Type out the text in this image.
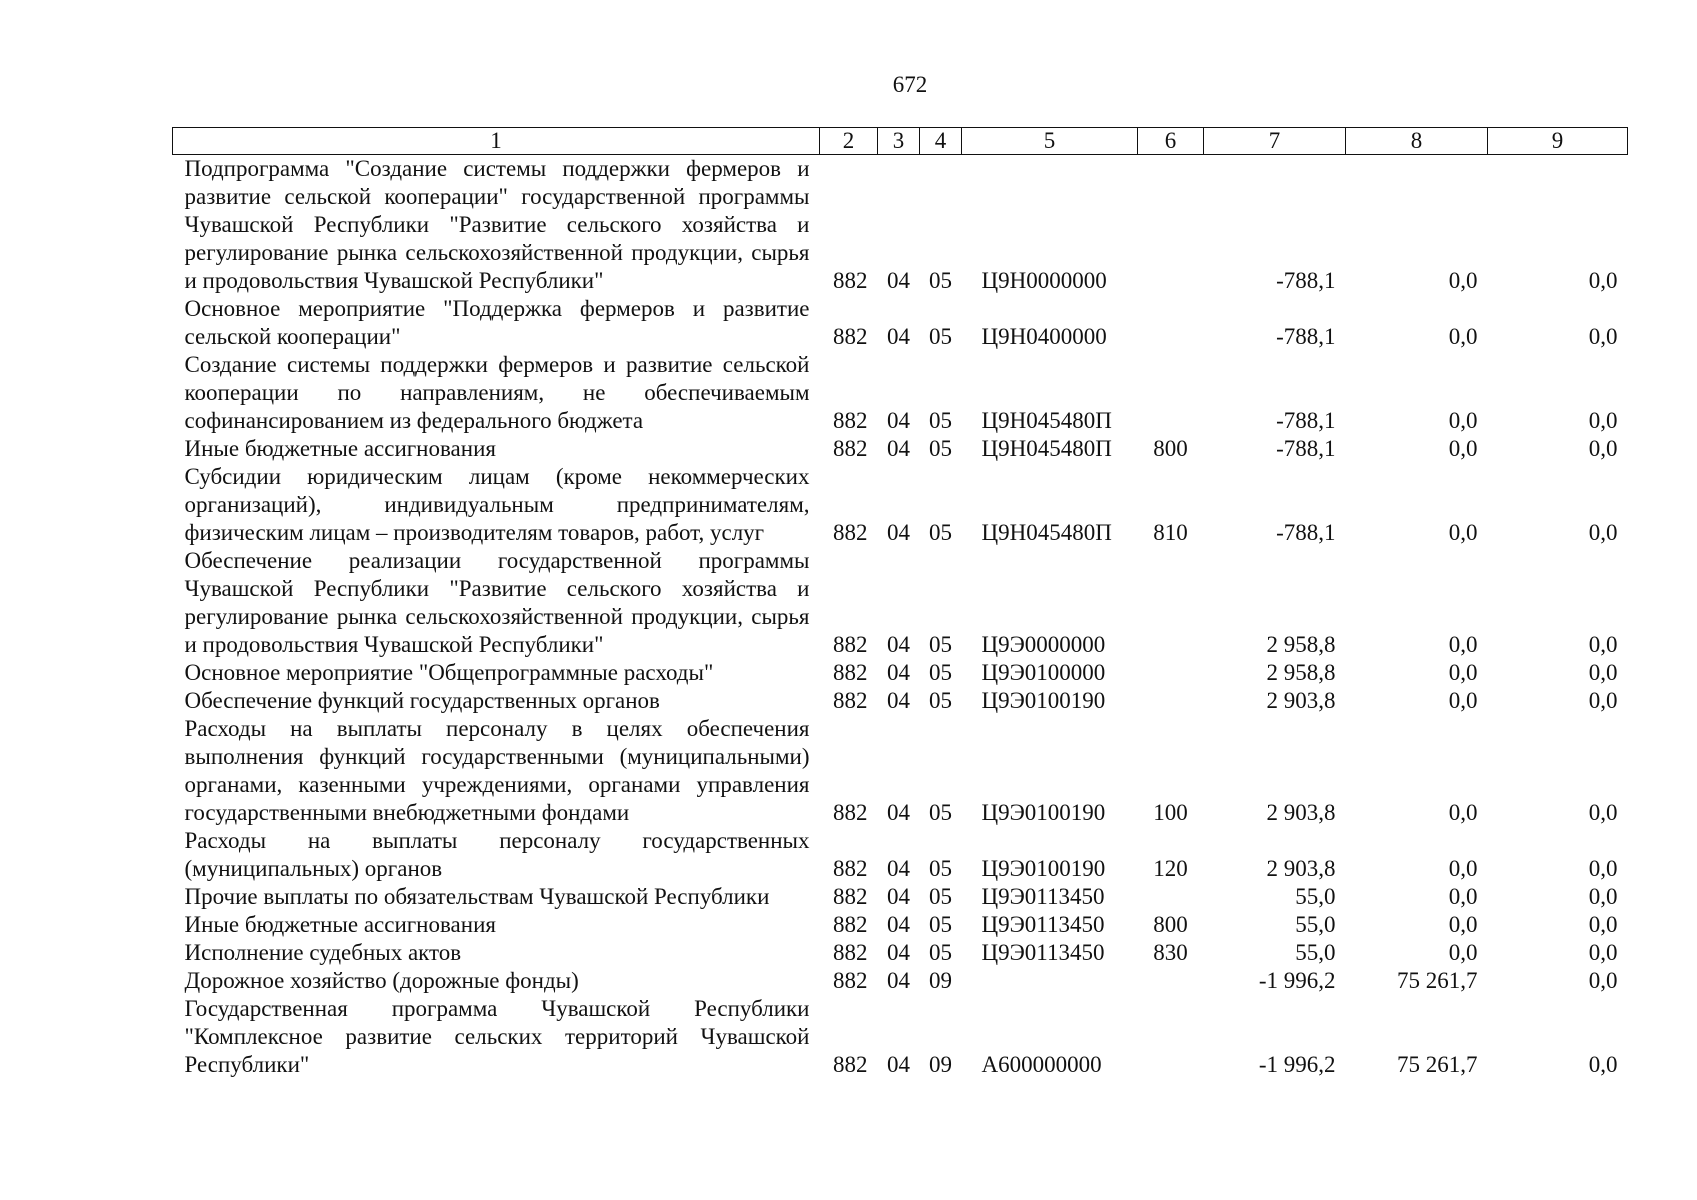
672
1	2	3	4	5	6	7	8	9
Подпрограмма "Создание системы поддержки фермеров и развитие сельской кооперации" государственной программы Чувашской Республики "Развитие сельского хозяйства и регулирование рынка сельскохозяйственной продукции, сырья и продовольствия Чувашской Республики"	882	04	05	Ц9Н0000000		-788,1	0,0	0,0
Основное мероприятие "Поддержка фермеров и развитие сельской кооперации"	882	04	05	Ц9Н0400000		-788,1	0,0	0,0
Создание системы поддержки фермеров и развитие сельской кооперации по направлениям, не обеспечиваемым софинансированием из федерального бюджета	882	04	05	Ц9Н045480П		-788,1	0,0	0,0
Иные бюджетные ассигнования	882	04	05	Ц9Н045480П	800	-788,1	0,0	0,0
Субсидии юридическим лицам (кроме некоммерческих организаций), индивидуальным предпринимателям, физическим лицам – производителям товаров, работ, услуг	882	04	05	Ц9Н045480П	810	-788,1	0,0	0,0
Обеспечение реализации государственной программы Чувашской Республики "Развитие сельского хозяйства и регулирование рынка сельскохозяйственной продукции, сырья и продовольствия Чувашской Республики"	882	04	05	Ц9Э0000000		2 958,8	0,0	0,0
Основное мероприятие "Общепрограммные расходы"	882	04	05	Ц9Э0100000		2 958,8	0,0	0,0
Обеспечение функций государственных органов	882	04	05	Ц9Э0100190		2 903,8	0,0	0,0
Расходы на выплаты персоналу в целях обеспечения выполнения функций государственными (муниципальными) органами, казенными учреждениями, органами управления государственными внебюджетными фондами	882	04	05	Ц9Э0100190	100	2 903,8	0,0	0,0
Расходы на выплаты персоналу государственных (муниципальных) органов	882	04	05	Ц9Э0100190	120	2 903,8	0,0	0,0
Прочие выплаты по обязательствам Чувашской Республики	882	04	05	Ц9Э0113450		55,0	0,0	0,0
Иные бюджетные ассигнования	882	04	05	Ц9Э0113450	800	55,0	0,0	0,0
Исполнение судебных актов	882	04	05	Ц9Э0113450	830	55,0	0,0	0,0
Дорожное хозяйство (дорожные фонды)	882	04	09			-1 996,2	75 261,7	0,0
Государственная программа Чувашской Республики "Комплексное развитие сельских территорий Чувашской Республики"	882	04	09	А600000000		-1 996,2	75 261,7	0,0
